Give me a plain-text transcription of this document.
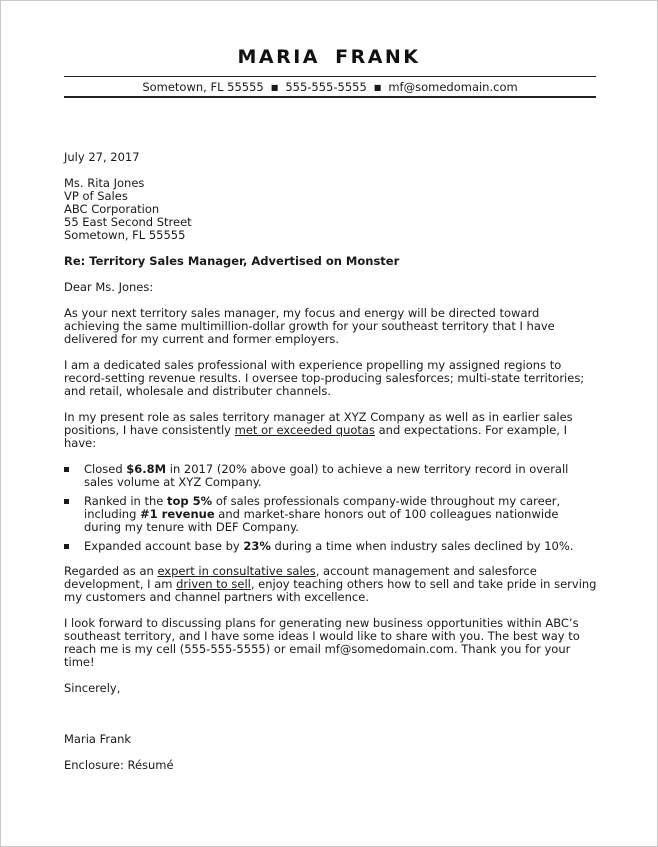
MARIA FRANK
Sometown, FL 55555 ■ 555-555-5555 ■ mf@somedomain.com

July 27, 2017

Ms. Rita Jones
VP of Sales
ABC Corporation
55 East Second Street
Sometown, FL 55555

Re: Territory Sales Manager, Advertised on Monster

Dear Ms. Jones:

As your next territory sales manager, my focus and energy will be directed toward achieving the same multimillion-dollar growth for your southeast territory that I have delivered for my current and former employers.

I am a dedicated sales professional with experience propelling my assigned regions to record-setting revenue results. I oversee top-producing salesforces; multi-state territories; and retail, wholesale and distributer channels.

In my present role as sales territory manager at XYZ Company as well as in earlier sales positions, I have consistently met or exceeded quotas and expectations. For example, I have:

Closed $6.8M in 2017 (20% above goal) to achieve a new territory record in overall sales volume at XYZ Company.
Ranked in the top 5% of sales professionals company-wide throughout my career, including #1 revenue and market-share honors out of 100 colleagues nationwide during my tenure with DEF Company.
Expanded account base by 23% during a time when industry sales declined by 10%.

Regarded as an expert in consultative sales, account management and salesforce development, I am driven to sell, enjoy teaching others how to sell and take pride in serving my customers and channel partners with excellence.

I look forward to discussing plans for generating new business opportunities within ABC’s southeast territory, and I have some ideas I would like to share with you. The best way to reach me is my cell (555-555-5555) or email mf@somedomain.com. Thank you for your time!

Sincerely,

Maria Frank

Enclosure: Résumé
